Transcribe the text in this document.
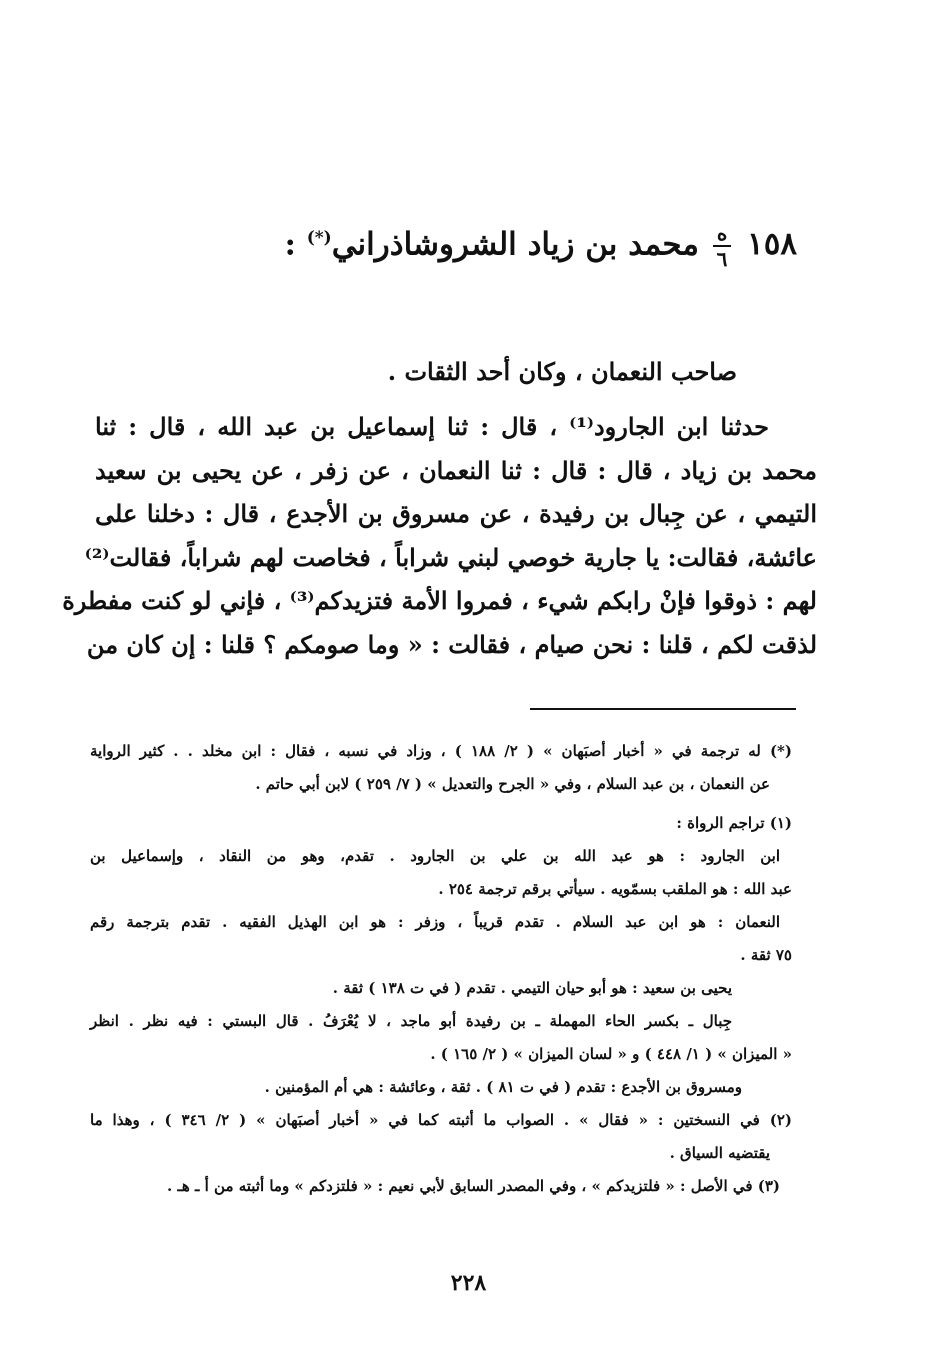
١٥٨
$\frac{\text{ه}}{٦}$
محمد بن زياد الشروشاذراني(*) :
صاحب النعمان ، وكان أحد الثقات .
حدثنا ابن الجارود⁽¹⁾ ، قال : ثنا إسماعيل بن عبد الله ، قال : ثنا
محمد بن زياد ، قال : قال : ثنا النعمان ، عن زفر ، عن يحيى بن سعيد
التيمي ، عن جِبال بن رفيدة ، عن مسروق بن الأجدع ، قال : دخلنا على
عائشة، فقالت: يا جارية خوصي لبني شراباً ، فخاصت لهم شراباً، فقالت⁽²⁾
لهم : ذوقوا فإنْ رابكم شيء ، فمروا الأمة فتزيدكم⁽³⁾ ، فإني لو كنت مفطرة
لذقت لكم ، قلنا : نحن صيام ، فقالت : « وما صومكم ؟ قلنا : إن كان من

(*) له ترجمة في « أخبار أصبَهان » ( ٢/ ١٨٨ ) ، وزاد في نسبه ، فقال : ابن مخلد . . كثير الرواية

عن النعمان ، بن عبد السلام ، وفي « الجرح والتعديل » ( ٧/ ٢٥٩ ) لابن أبي حاتم .

(١) تراجم الرواة :

ابن الجارود : هو عبد الله بن علي بن الجارود . تقدم، وهو من النقاد ، وإسماعيل بن

عبد الله : هو الملقب بسمّويه . سيأتي برقم ترجمة ٢٥٤ .

النعمان : هو ابن عبد السلام . تقدم قريباً ، وزفر : هو ابن الهذيل الفقيه . تقدم بترجمة رقم

٧٥ ثقة .

يحيى بن سعيد : هو أبو حيان التيمي . تقدم ( في ت ١٣٨ ) ثقة .

جِبال ـ بكسر الحاء المهملة ـ بن رفيدة أبو ماجد ، لا يُعْرَفُ . قال البستي : فيه نظر . انظر

« الميزان » ( ١/ ٤٤٨ ) و « لسان الميزان » ( ٢/ ١٦٥ ) .

ومسروق بن الأجدع : تقدم ( في ت ٨١ ) . ثقة ، وعائشة : هي أم المؤمنين .

(٢) في النسختين : « فقال » . الصواب ما أثبته كما في « أخبار أصبَهان » ( ٢/ ٣٤٦ ) ، وهذا ما

يقتضيه السياق .

(٣) في الأصل : « فلتزيدكم » ، وفي المصدر السابق لأبي نعيم : « فلتزدكم » وما أثبته من أ ـ هـ .

٢٢٨
